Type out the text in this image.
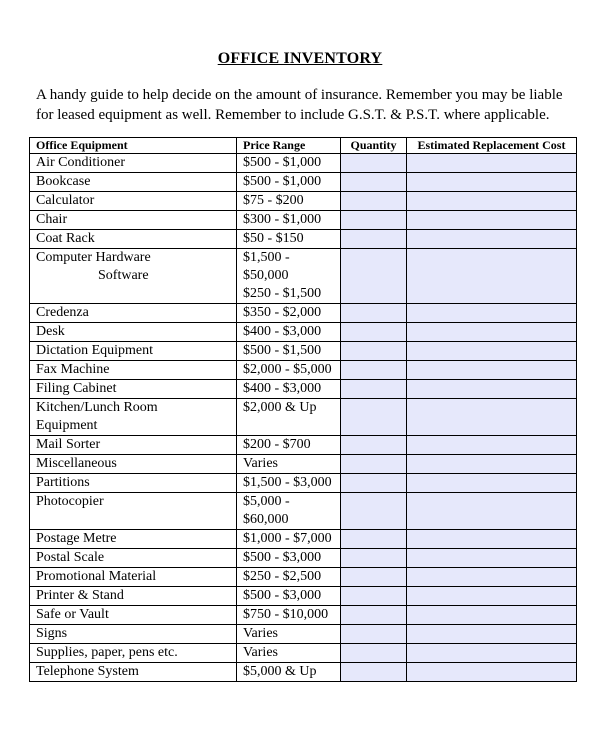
OFFICE INVENTORY
A handy guide to help decide on the amount of insurance. Remember you may be liable for leased equipment as well. Remember to include G.S.T. & P.S.T. where applicable.
Office Equipment	Price Range	Quantity	Estimated Replacement Cost

Air Conditioner	$500 - $1,000		

Bookcase	$500 - $1,000		

Calculator	$75 - $200		

Chair	$300 - $1,000		

Coat Rack	$50 - $150		

Computer Hardware
Software	$1,500 -
$50,000
$250 - $1,500		

Credenza	$350 - $2,000		

Desk	$400 - $3,000		

Dictation Equipment	$500 - $1,500		

Fax Machine	$2,000 - $5,000		

Filing Cabinet	$400 - $3,000		

Kitchen/Lunch Room
Equipment	$2,000 & Up		

Mail Sorter	$200 - $700		

Miscellaneous	Varies		

Partitions	$1,500 - $3,000		

Photocopier	$5,000 -
$60,000		

Postage Metre	$1,000 - $7,000		

Postal Scale	$500 - $3,000		

Promotional Material	$250 - $2,500		

Printer & Stand	$500 - $3,000		

Safe or Vault	$750 - $10,000		

Signs	Varies		

Supplies, paper, pens etc.	Varies		

Telephone System	$5,000 & Up		
